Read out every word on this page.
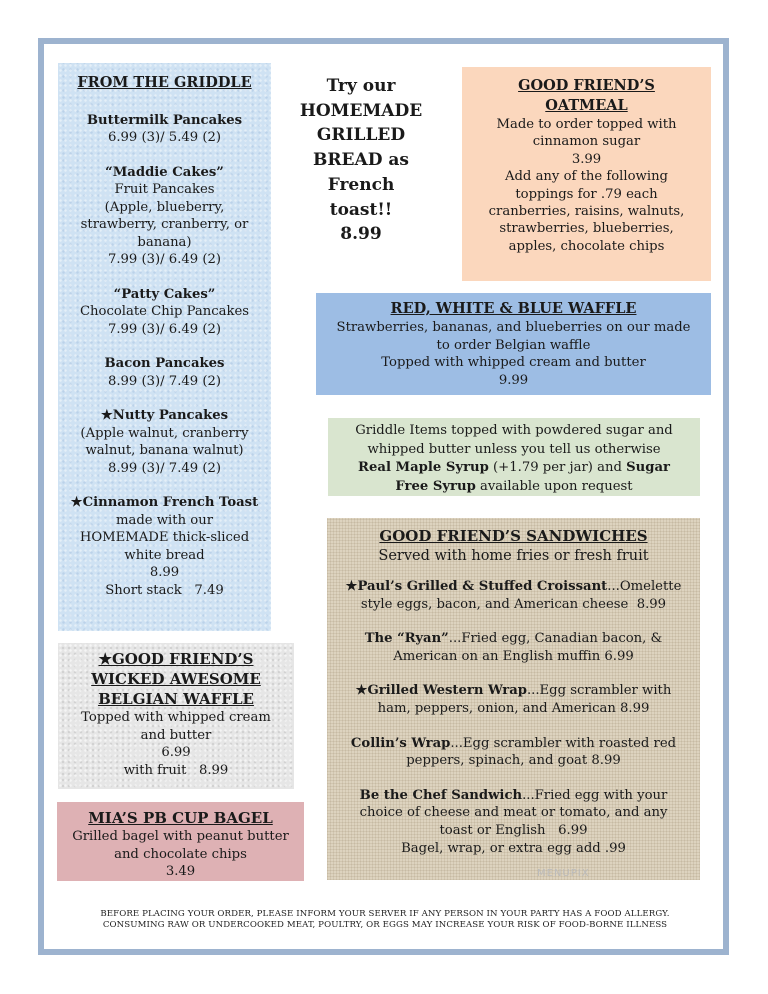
FROM THE GRIDDLE
Buttermilk Pancakes
6.99 (3)/ 5.49 (2)
“Maddie Cakes”
Fruit Pancakes
(Apple, blueberry,
strawberry, cranberry, or
banana)
7.99 (3)/ 6.49 (2)
“Patty Cakes”
Chocolate Chip Pancakes
7.99 (3)/ 6.49 (2)
Bacon Pancakes
8.99 (3)/ 7.49 (2)
★Nutty Pancakes
(Apple walnut, cranberry
walnut, banana walnut)
8.99 (3)/ 7.49 (2)
★Cinnamon French Toast
made with our
HOMEMADE thick-sliced
white bread
8.99
Short stack   7.49
Try our
HOMEMADE
GRILLED
BREAD as
French
toast!!
8.99
GOOD FRIEND’S
OATMEAL
Made to order topped with
cinnamon sugar
3.99
Add any of the following
toppings for .79 each
cranberries, raisins, walnuts,
strawberries, blueberries,
apples, chocolate chips
RED, WHITE & BLUE WAFFLE
Strawberries, bananas, and blueberries on our made
to order Belgian waffle
Topped with whipped cream and butter
9.99
Griddle Items topped with powdered sugar and
whipped butter unless you tell us otherwise
Real Maple Syrup (+1.79 per jar) and Sugar
Free Syrup available upon request
GOOD FRIEND’S SANDWICHES
Served with home fries or fresh fruit
★Paul’s Grilled & Stuffed Croissant...Omelette
style eggs, bacon, and American cheese  8.99
The “Ryan”...Fried egg, Canadian bacon, &
American on an English muffin 6.99
★Grilled Western Wrap...Egg scrambler with
ham, peppers, onion, and American 8.99
Collin’s Wrap...Egg scrambler with roasted red
peppers, spinach, and goat 8.99
Be the Chef Sandwich...Fried egg with your
choice of cheese and meat or tomato, and any
toast or English   6.99
Bagel, wrap, or extra egg add .99
★GOOD FRIEND’S
WICKED AWESOME
BELGIAN WAFFLE
Topped with whipped cream
and butter
6.99
with fruit   8.99
MIA’S PB CUP BAGEL
Grilled bagel with peanut butter
and chocolate chips
3.49	MENUPIX
BEFORE PLACING YOUR ORDER, PLEASE INFORM YOUR SERVER IF ANY PERSON IN YOUR PARTY HAS A FOOD ALLERGY.
CONSUMING RAW OR UNDERCOOKED MEAT, POULTRY, OR EGGS MAY INCREASE YOUR RISK OF FOOD-BORNE ILLNESS
